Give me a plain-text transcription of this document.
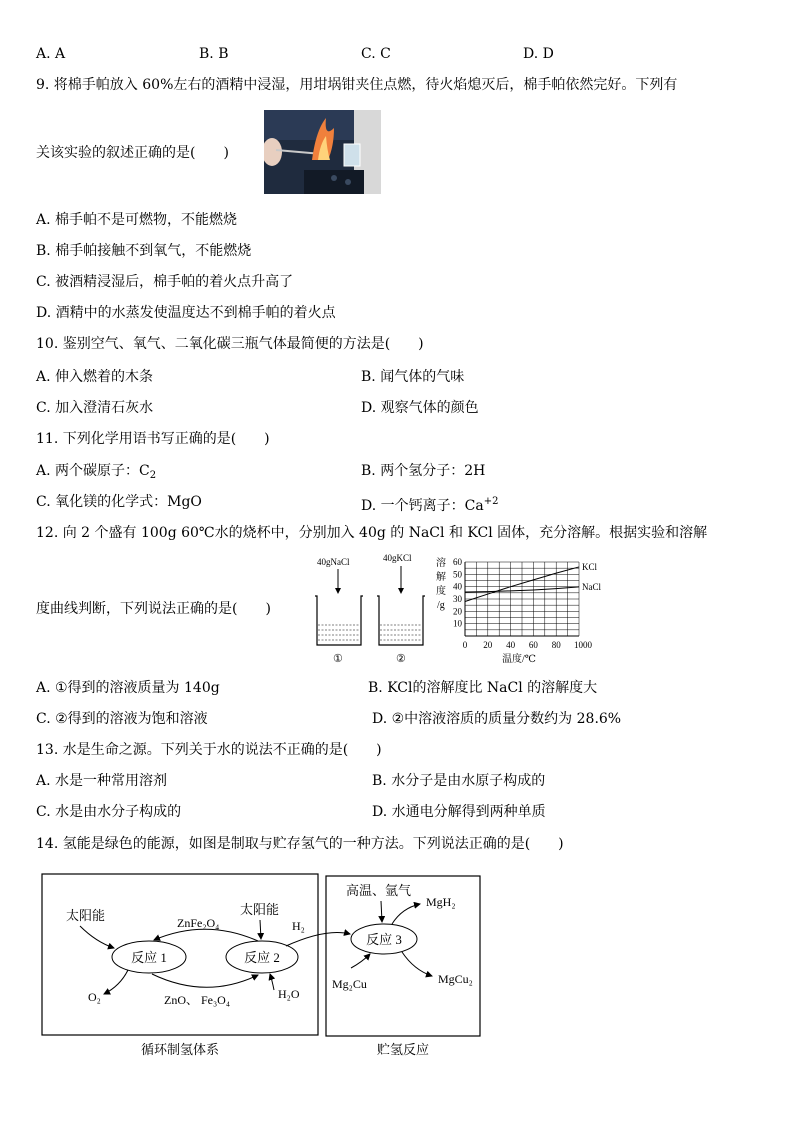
A. A	B. B	C. C	D. D
9. 将棉手帕放入 60%左右的酒精中浸湿，用坩埚钳夹住点燃，待火焰熄灭后，棉手帕依然完好。下列有
关该实验的叙述正确的是(　　)
A. 棉手帕不是可燃物，不能燃烧
B. 棉手帕接触不到氧气，不能燃烧
C. 被酒精浸湿后，棉手帕的着火点升高了
D. 酒精中的水蒸发使温度达不到棉手帕的着火点
10. 鉴别空气、氧气、二氧化碳三瓶气体最简便的方法是(　　)
A. 伸入燃着的木条	B. 闻气体的气味
C. 加入澄清石灰水	D. 观察气体的颜色
11. 下列化学用语书写正确的是(　　)
A. 两个碳原子：$C_2$	B. 两个氢分子：2H
C. 氧化镁的化学式：MgO	D. 一个钙离子：$Ca^{+2}$
12. 向 2 个盛有 100g 60℃水的烧杯中，分别加入 40g 的 NaCl 和 KCl 固体，充分溶解。根据实验和溶解
度曲线判断，下列说法正确的是(　　)
40gNaCl
①
40gKCl
②
溶
解
度
/g
10
20
30
40
50
60
0 20 40 60 80 1000
KCl
NaCl
温度/℃
A. ①得到的溶液质量为 140g	B. KCl的溶解度比 NaCl 的溶解度大
C. ②得到的溶液为饱和溶液	D. ②中溶液溶质的质量分数约为 28.6%
13. 水是生命之源。下列关于水的说法不正确的是(　　)
A. 水是一种常用溶剂	B. 水分子是由水原子构成的
C. 水是由水分子构成的	D. 水通电分解得到两种单质
14. 氢能是绿色的能源，如图是制取与贮存氢气的一种方法。下列说法正确的是(　　)
反应 1	反应 2
反应 3
太阳能
O₂
ZnFe₂O₄
太阳能
H₂
ZnO、 Fe₃O₄	H₂O
高温、氩气
MgH₂
Mg₂Cu	MgCu₂
循环制氢体系	贮氢反应
